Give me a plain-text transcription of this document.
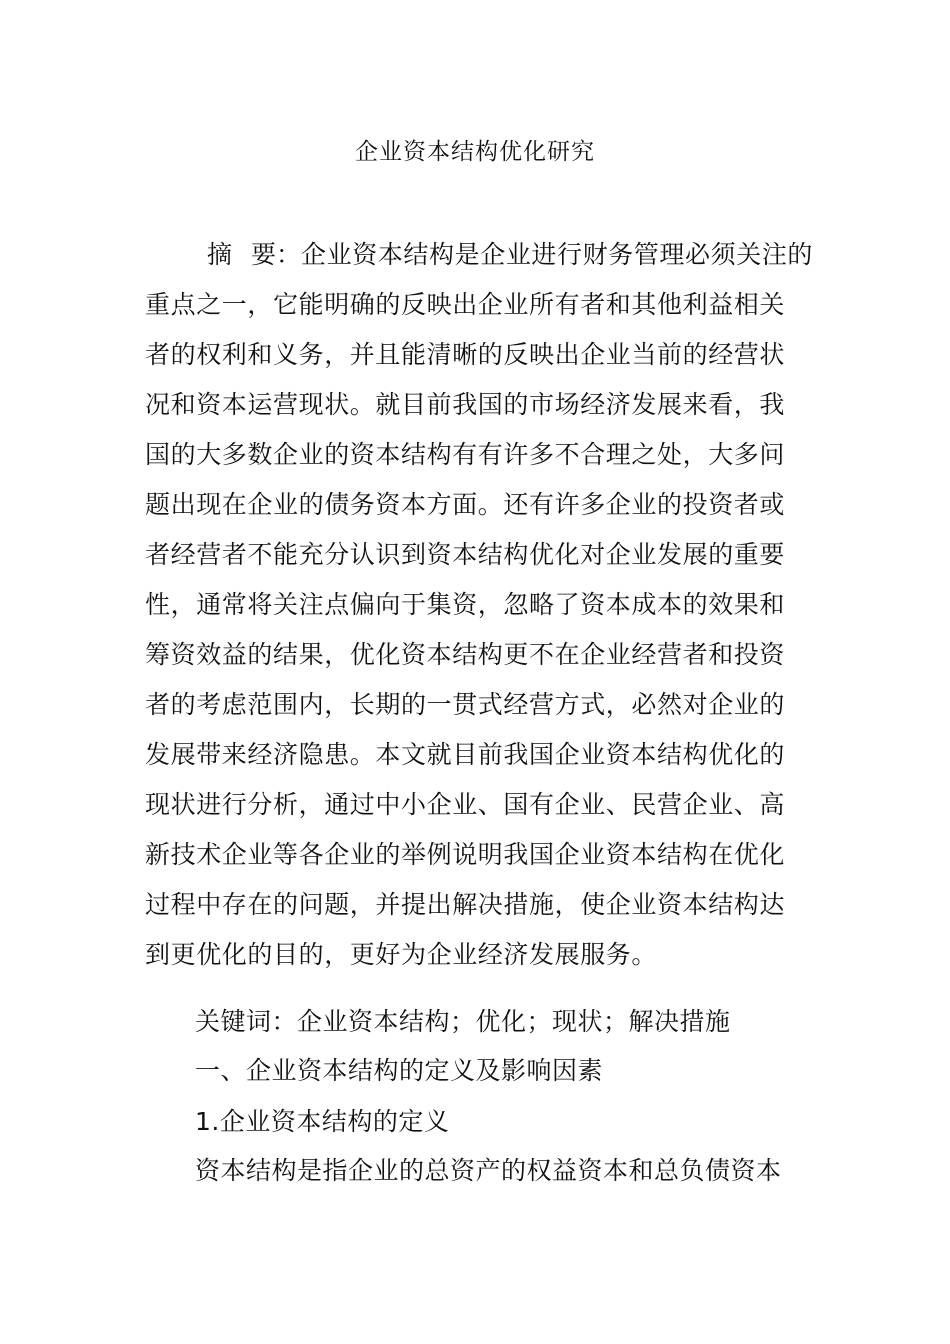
企业资本结构优化研究
摘 要：企业资本结构是企业进行财务管理必须关注的
重点之一，它能明确的反映出企业所有者和其他利益相关
者的权利和义务，并且能清晰的反映出企业当前的经营状
况和资本运营现状。就目前我国的市场经济发展来看，我
国的大多数企业的资本结构有有许多不合理之处，大多问
题出现在企业的债务资本方面。还有许多企业的投资者或
者经营者不能充分认识到资本结构优化对企业发展的重要
性，通常将关注点偏向于集资，忽略了资本成本的效果和
筹资效益的结果，优化资本结构更不在企业经营者和投资
者的考虑范围内，长期的一贯式经营方式，必然对企业的
发展带来经济隐患。本文就目前我国企业资本结构优化的
现状进行分析，通过中小企业、国有企业、民营企业、高
新技术企业等各企业的举例说明我国企业资本结构在优化
过程中存在的问题，并提出解决措施，使企业资本结构达
到更优化的目的，更好为企业经济发展服务。
关键词：企业资本结构；优化；现状；解决措施
一、企业资本结构的定义及影响因素
1.企业资本结构的定义
资本结构是指企业的总资产的权益资本和总负债资本
